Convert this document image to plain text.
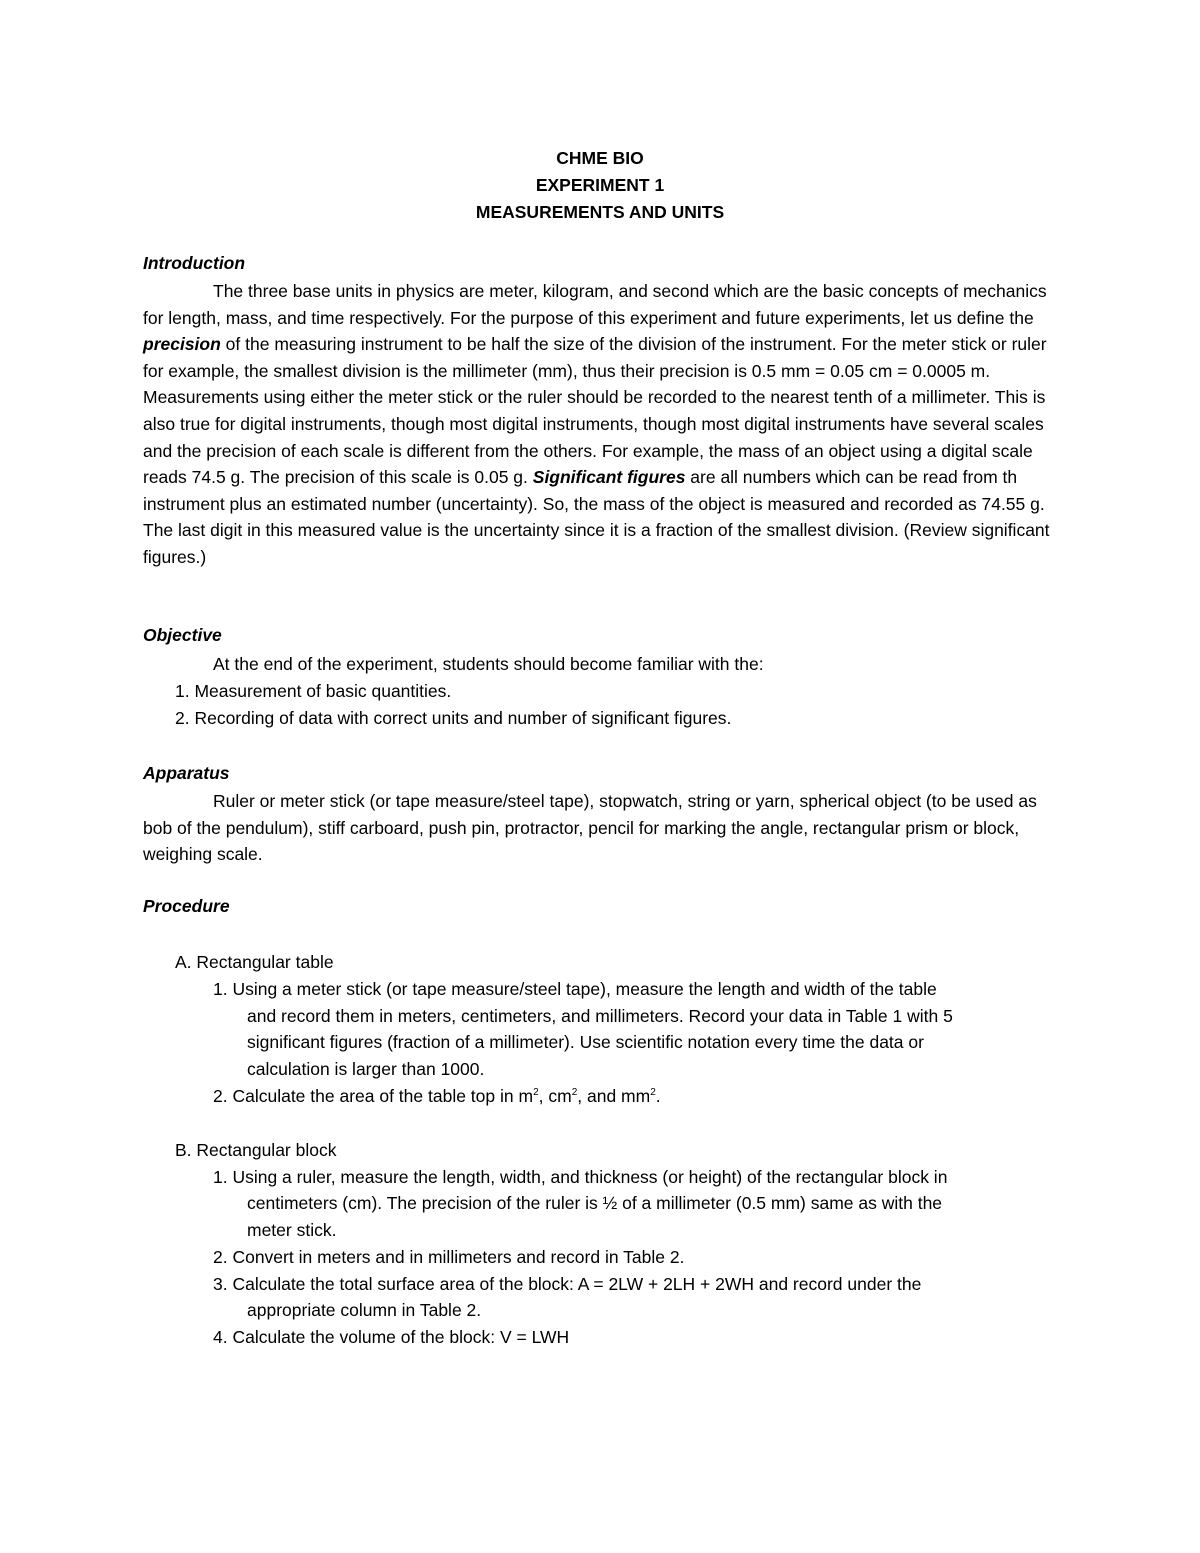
CHME BIO
EXPERIMENT 1
MEASUREMENTS AND UNITS
Introduction
The three base units in physics are meter, kilogram, and second which are the basic concepts of mechanics for length, mass, and time respectively. For the purpose of this experiment and future experiments, let us define the precision of the measuring instrument to be half the size of the division of the instrument. For the meter stick or ruler for example, the smallest division is the millimeter (mm), thus their precision is 0.5 mm = 0.05 cm = 0.0005 m. Measurements using either the meter stick or the ruler should be recorded to the nearest tenth of a millimeter. This is also true for digital instruments, though most digital instruments, though most digital instruments have several scales and the precision of each scale is different from the others. For example, the mass of an object using a digital scale reads 74.5 g. The precision of this scale is 0.05 g. Significant figures are all numbers which can be read from th instrument plus an estimated number (uncertainty). So, the mass of the object is measured and recorded as 74.55 g. The last digit in this measured value is the uncertainty since it is a fraction of the smallest division. (Review significant figures.)
Objective
At the end of the experiment, students should become familiar with the:
1. Measurement of basic quantities.
2. Recording of data with correct units and number of significant figures.
Apparatus
Ruler or meter stick (or tape measure/steel tape), stopwatch, string or yarn, spherical object (to be used as bob of the pendulum), stiff carboard, push pin, protractor, pencil for marking the angle, rectangular prism or block, weighing scale.
Procedure
A. Rectangular table
1. Using a meter stick (or tape measure/steel tape), measure the length and width of the table
and record them in meters, centimeters, and millimeters. Record your data in Table 1 with 5
significant figures (fraction of a millimeter). Use scientific notation every time the data or
calculation is larger than 1000.
2. Calculate the area of the table top in $m^2$, $cm^2$, and $mm^2$.
B. Rectangular block
1. Using a ruler, measure the length, width, and thickness (or height) of the rectangular block in
centimeters (cm). The precision of the ruler is ½ of a millimeter (0.5 mm) same as with the
meter stick.
2. Convert in meters and in millimeters and record in Table 2.
3. Calculate the total surface area of the block: A = 2LW + 2LH + 2WH and record under the
appropriate column in Table 2.
4. Calculate the volume of the block: V = LWH
